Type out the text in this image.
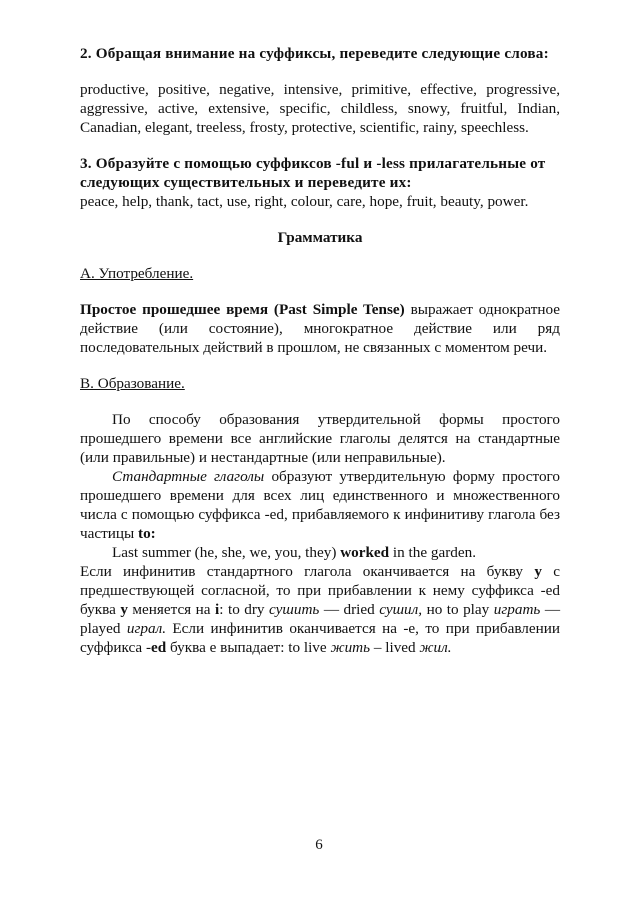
2. Обращая внимание на суффиксы, переведите следующие слова:

productive, positive, negative, intensive, primitive, effective, progressive, aggressive, active, extensive, specific, childless, snowy, fruitful, Indian, Canadian, elegant, treeless, frosty, protective, scientific, rainy, speechless.

3. Образуйте с помощью суффиксов -ful и -less прилагательные от следующих существительных и переведите их:

peace, help, thank, tact, use, right, colour, care, hope, fruit, beauty, power.

Грамматика

А. Употребление.

Простое прошедшее время (Past Simple Tense) выражает однократное действие (или состояние), многократное действие или ряд последовательных действий в прошлом, не связанных с моментом речи.

В. Образование.

По способу образования утвердительной формы простого прошедшего времени все английские глаголы делятся на стандартные (или правильные) и нестандартные (или неправильные).

Стандартные глаголы образуют утвердительную форму простого прошедшего времени для всех лиц единственного и множественного числа с помощью суффикса -ed, прибавляемого к инфинитиву глагола без частицы to:

Last summer (he, she, we, you, they) worked in the garden.

Если инфинитив стандартного глагола оканчивается на букву у с предшествующей согласной, то при прибавлении к нему суффикса -ed буква у меняется на i: to dry сушить — dried сушил, но to play играть — played играл. Если инфинитив оканчивается на -е, то при прибавлении суффикса -ed буква е выпадает: to live жить – lived жил.

6
